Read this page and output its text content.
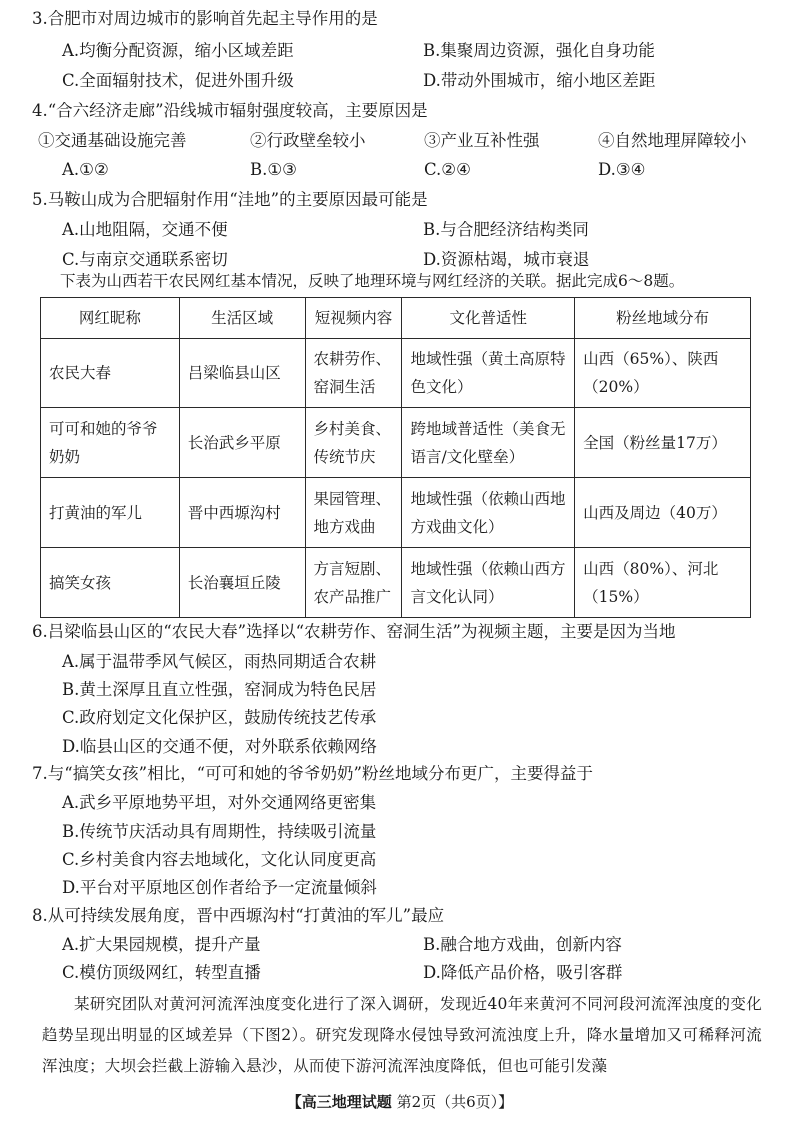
3.合肥市对周边城市的影响首先起主导作用的是
A.均衡分配资源，缩小区域差距	B.集聚周边资源，强化自身功能
C.全面辐射技术，促进外围升级	D.带动外围城市，缩小地区差距
4.“合六经济走廊”沿线城市辐射强度较高，主要原因是
①交通基础设施完善	②行政壁垒较小	③产业互补性强	④自然地理屏障较小
A.①②	B.①③	C.②④	D.③④
5.马鞍山成为合肥辐射作用“洼地”的主要原因最可能是
A.山地阻隔，交通不便	B.与合肥经济结构类同
C.与南京交通联系密切	D.资源枯竭，城市衰退
下表为山西若干农民网红基本情况，反映了地理环境与网红经济的关联。据此完成6～8题。
网红昵称	生活区域	短视频内容	文化普适性	粉丝地域分布
农民大春	吕梁临县山区	农耕劳作、窑洞生活	地域性强（黄土高原特色文化）	山西（65%）、陕西（20%）
可可和她的爷爷奶奶	长治武乡平原	乡村美食、传统节庆	跨地域普适性（美食无语言/文化壁垒）	全国（粉丝量17万）
打黄油的军儿	晋中西塬沟村	果园管理、地方戏曲	地域性强（依赖山西地方戏曲文化）	山西及周边（40万）
搞笑女孩	长治襄垣丘陵	方言短剧、农产品推广	地域性强（依赖山西方言文化认同）	山西（80%）、河北（15%）
6.吕梁临县山区的“农民大春”选择以“农耕劳作、窑洞生活”为视频主题，主要是因为当地
A.属于温带季风气候区，雨热同期适合农耕
B.黄土深厚且直立性强，窑洞成为特色民居
C.政府划定文化保护区，鼓励传统技艺传承
D.临县山区的交通不便，对外联系依赖网络
7.与“搞笑女孩”相比，“可可和她的爷爷奶奶”粉丝地域分布更广，主要得益于
A.武乡平原地势平坦，对外交通网络更密集
B.传统节庆活动具有周期性，持续吸引流量
C.乡村美食内容去地域化，文化认同度更高
D.平台对平原地区创作者给予一定流量倾斜
8.从可持续发展角度，晋中西塬沟村“打黄油的军儿”最应
A.扩大果园规模，提升产量	B.融合地方戏曲，创新内容
C.模仿顶级网红，转型直播	D.降低产品价格，吸引客群
某研究团队对黄河河流浑浊度变化进行了深入调研，发现近40年来黄河不同河段河流浑浊度的变化趋势呈现出明显的区域差异（下图2）。研究发现降水侵蚀导致河流浊度上升，降水量增加又可稀释河流浑浊度；大坝会拦截上游输入悬沙，从而使下游河流浑浊度降低，但也可能引发藻
【高三地理试题 第2页（共6页）】
